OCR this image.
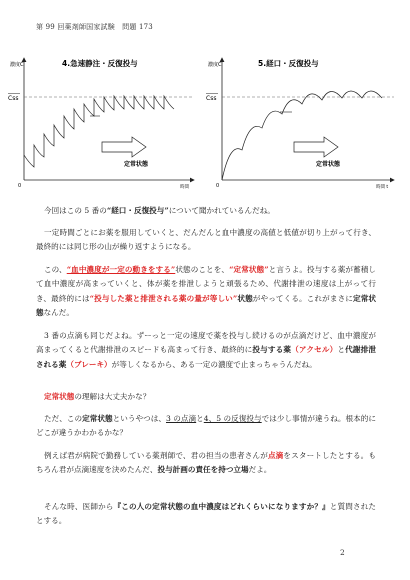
第 99 回薬剤師国家試験　問題 173
濃度C
Css
0	時間
4.急速静注・反復投与
定常状態
濃度C
Css
0	時間 t
5.経口・反復投与
定常状態
今回はこの 5 番の“経口・反復投与”について聞かれているんだね。
一定時間ごとにお薬を服用していくと、だんだんと血中濃度の高値と低値が切り上がって行き、最終的には同じ形の山が繰り返すようになる。
この、“血中濃度が一定の動きをする”状態のことを、“定常状態”と言うよ。投与する薬が蓄積して血中濃度が高まっていくと、体が薬を排泄しようと頑張るため、代謝排泄の速度は上がって行き、最終的には“投与した薬と排泄される薬の量が等しい”状態がやってくる。これがまさに定常状態なんだ。
3 番の点滴も同じだよね。ずーっと一定の速度で薬を投与し続けるのが点滴だけど、血中濃度が高まってくると代謝排泄のスピードも高まって行き、最終的に投与する薬（アクセル）と代謝排泄される薬（ブレーキ）が等しくなるから、ある一定の濃度で止まっちゃうんだね。
定常状態の理解は大丈夫かな？
ただ、この定常状態というやつは、3 の点滴と4、5 の反復投与では少し事情が違うね。根本的にどこが違うかわかるかな？
例えば君が病院で勤務している薬剤師で、君の担当の患者さんが点滴をスタートしたとする。もちろん君が点滴速度を決めたんだ、投与計画の責任を持つ立場だよ。
そんな時、医師から『この人の定常状態の血中濃度はどれくらいになりますか？』と質問されたとする。
2
